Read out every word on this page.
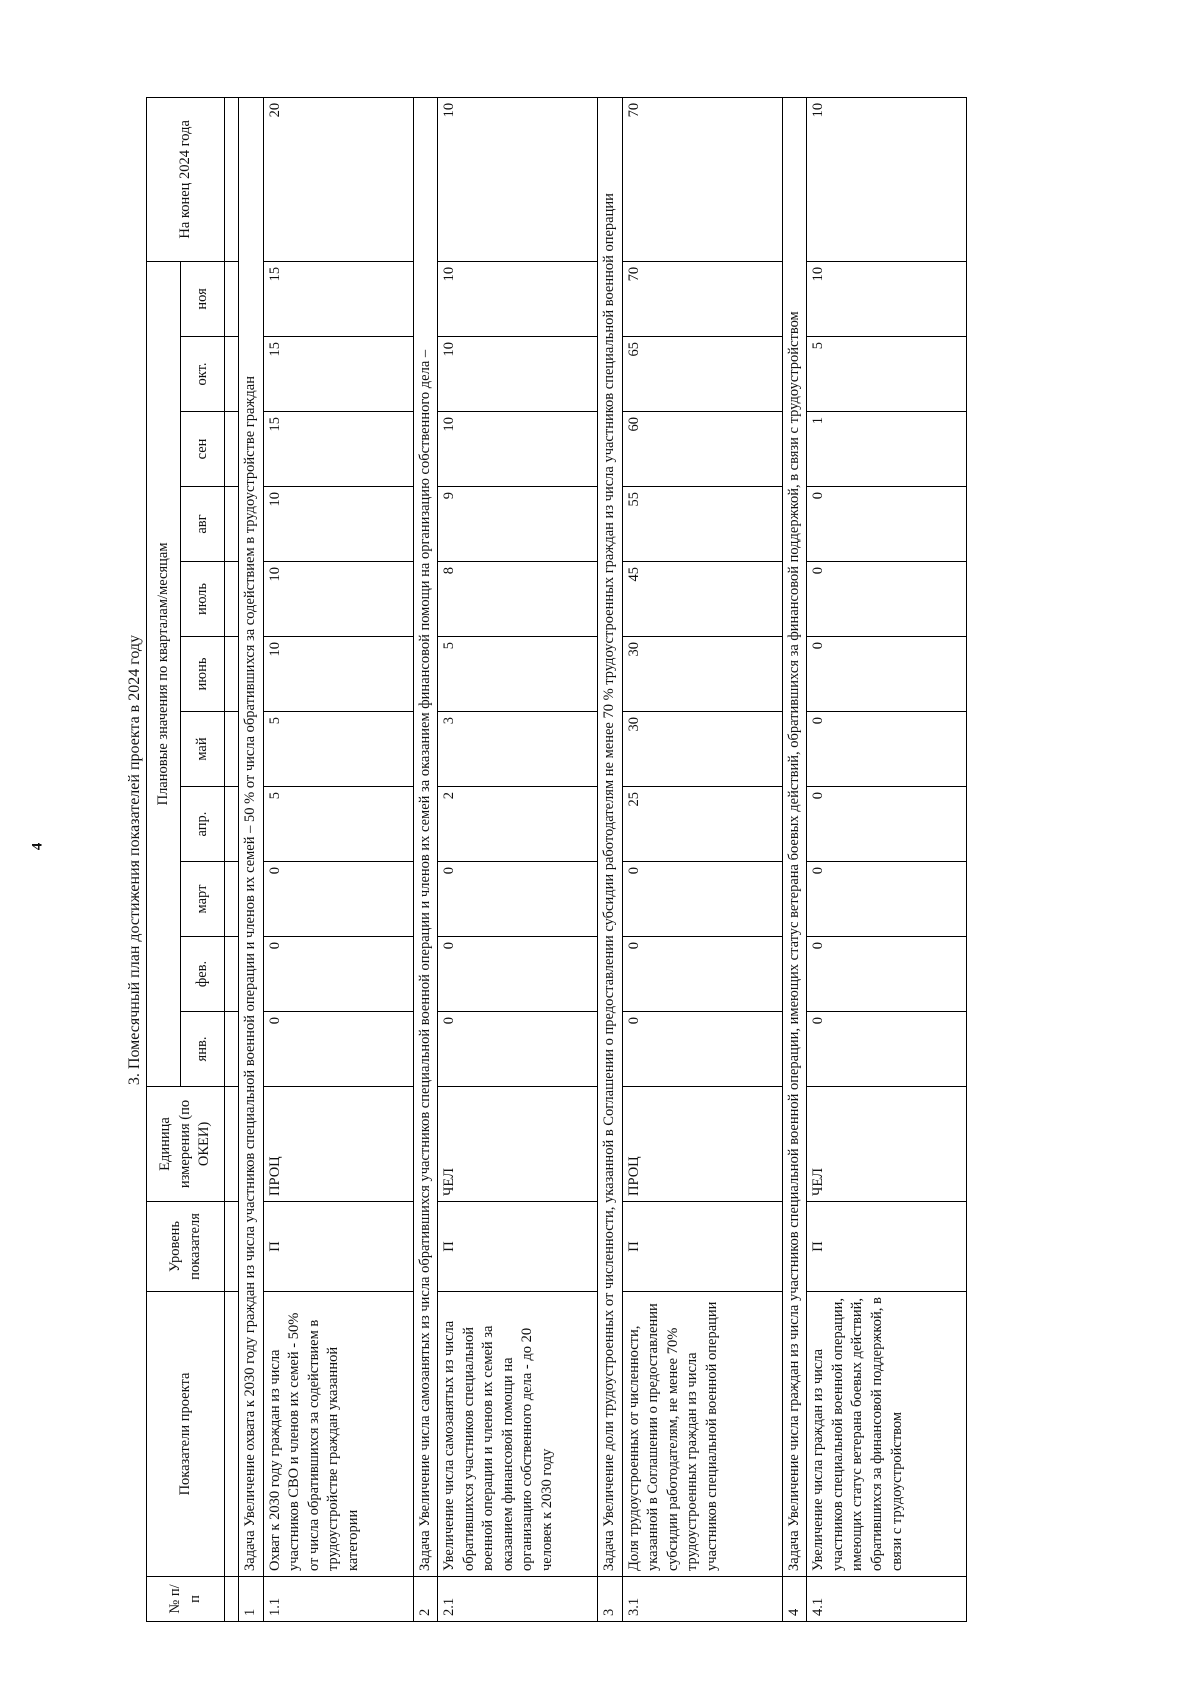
4	3. Помесячный план достижения показателей проекта в 2024 году
№ п/п	Показатели проекта	Уровень показателя	Единица измерения (по ОКЕИ)	Плановые значения по кварталам/месяцам											На конец 2024 года
				янв.	фев.	март	апр.	май	июнь	июль	авг	сен	окт.	ноя	

1	Задача Увеличение охвата к 2030 году граждан из числа участников специальной военной операции и членов их семей – 50 % от числа обратившихся за содействием в трудоустройстве граждан														
1.1	Охват к 2030 году граждан из числа участников СВО и членов их семей - 50% от числа обратившихся за содействием в трудоустройстве граждан указанной категории	П	ПРОЦ	0	0	0	5	5	10	10	10	15	15	15	20
2	Задача Увеличение числа самозанятых из числа обратившихся участников специальной военной операции и членов их семей за оказанием финансовой помощи на организацию собственного дела –														
2.1	Увеличение числа самозанятых из числа обратившихся участников специальной военной операции и членов их семей за оказанием финансовой помощи на организацию собственного дела - до 20 человек к 2030 году	П	ЧЕЛ	0	0	0	2	3	5	8	9	10	10	10	10
3	Задача Увеличение доли трудоустроенных от численности, указанной в Соглашении о предоставлении субсидии работодателям не менее 70 % трудоустроенных граждан из числа участников специальной военной операции														
3.1	Доля трудоустроенных от численности, указанной в Соглашении о предоставлении субсидии работодателям, не менее 70% трудоустроенных граждан из числа участников специальной военной операции	П	ПРОЦ	0	0	0	25	30	30	45	55	60	65	70	70
4	Задача Увеличение числа граждан из числа участников специальной военной операции, имеющих статус ветерана боевых действий, обратившихся за финансовой поддержкой, в связи с трудоустройством														
4.1	Увеличение числа граждан из числа участников специальной военной операции, имеющих статус ветерана боевых действий, обратившихся за финансовой поддержкой, в связи с трудоустройством	П	ЧЕЛ	0	0	0	0	0	0	0	0	1	5	10	10
